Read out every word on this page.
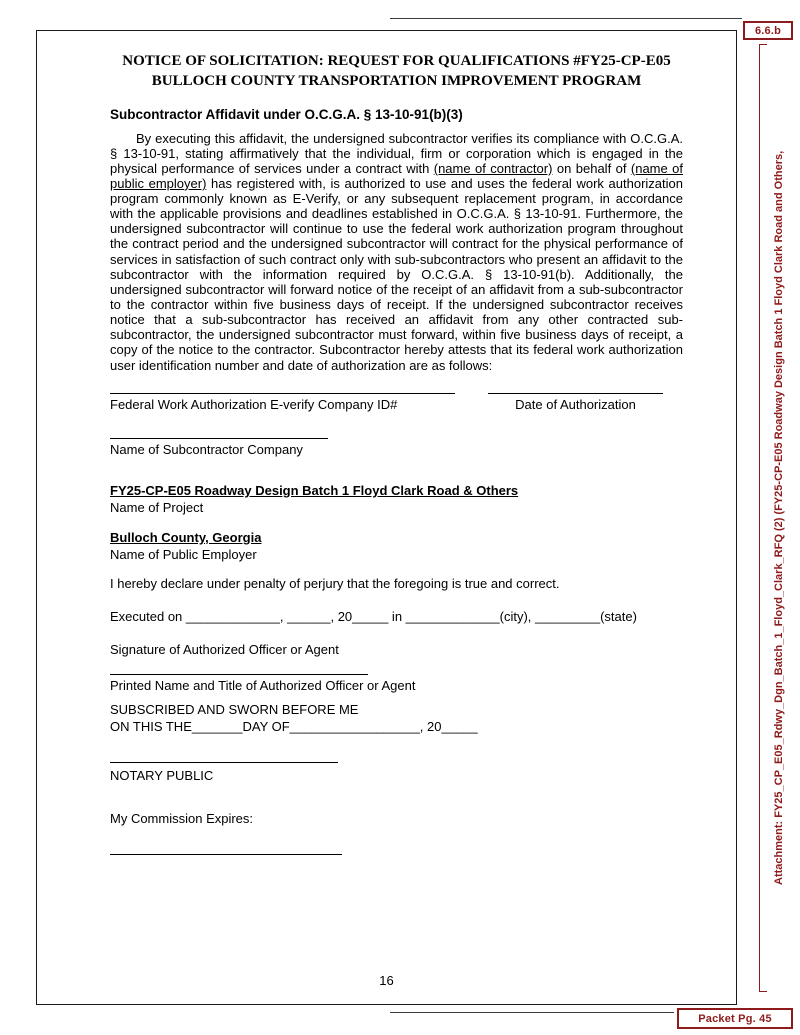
6.6.b
NOTICE OF SOLICITATION: REQUEST FOR QUALIFICATIONS #FY25-CP-E05
BULLOCH COUNTY TRANSPORTATION IMPROVEMENT PROGRAM
Subcontractor Affidavit under O.C.G.A. § 13-10-91(b)(3)

By executing this affidavit, the undersigned subcontractor verifies its compliance with O.C.G.A. § 13-10-91, stating affirmatively that the individual, firm or corporation which is engaged in the physical performance of services under a contract with (name of contractor) on behalf of (name of public employer) has registered with, is authorized to use and uses the federal work authorization program commonly known as E-Verify, or any subsequent replacement program, in accordance with the applicable provisions and deadlines established in O.C.G.A. § 13-10-91. Furthermore, the undersigned subcontractor will continue to use the federal work authorization program throughout the contract period and the undersigned subcontractor will contract for the physical performance of services in satisfaction of such contract only with sub-subcontractors who present an affidavit to the subcontractor with the information required by O.C.G.A. § 13-10-91(b). Additionally, the undersigned subcontractor will forward notice of the receipt of an affidavit from a sub-subcontractor to the contractor within five business days of receipt. If the undersigned subcontractor receives notice that a sub-subcontractor has received an affidavit from any other contracted sub-subcontractor, the undersigned subcontractor must forward, within five business days of receipt, a copy of the notice to the contractor. Subcontractor hereby attests that its federal work authorization user identification number and date of authorization are as follows:

Federal Work Authorization E-verify Company ID#	Date of Authorization
Name of Subcontractor Company
FY25-CP-E05 Roadway Design Batch 1 Floyd Clark Road & Others
Name of Project
Bulloch County, Georgia
Name of Public Employer
I hereby declare under penalty of perjury that the foregoing is true and correct.
Executed on _____________, ______, 20_____ in _____________(city), _________(state)
Signature of Authorized Officer or Agent
Printed Name and Title of Authorized Officer or Agent
SUBSCRIBED AND SWORN BEFORE ME
ON THIS THE_______DAY OF__________________, 20_____
NOTARY PUBLIC
My Commission Expires:
16
Attachment: FY25_CP_E05_Rdwy_Dgn_Batch_1_Floyd_Clark_RFQ (2) (FY25-CP-E05 Roadway Design Batch 1 Floyd Clark Road and Others,
Packet Pg. 45
